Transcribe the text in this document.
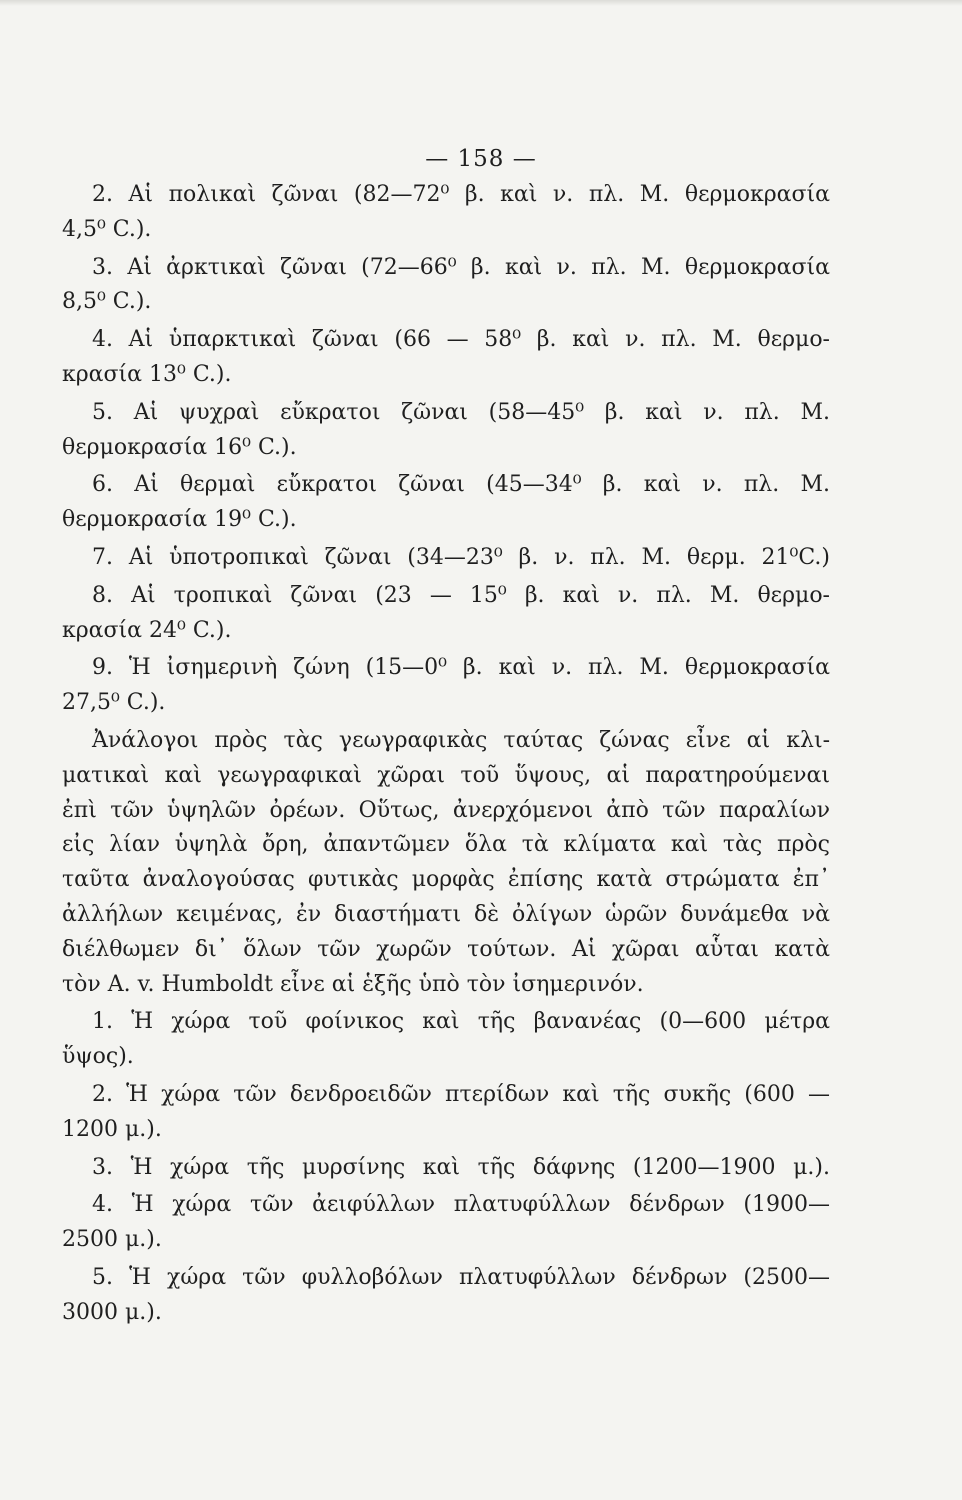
— 158 —
2. Αἱ πολικαὶ ζῶναι (82—72⁰ β. καὶ ν. πλ. Μ. θερμοκρασία
4,5⁰ C.).
3. Αἱ ἀρκτικαὶ ζῶναι (72—66⁰ β. καὶ ν. πλ. Μ. θερμοκρασία
8,5⁰ C.).
4. Αἱ ὑπαρκτικαὶ ζῶναι (66 — 58⁰ β. καὶ ν. πλ. Μ. θερμο-
κρασία 13⁰ C.).
5. Αἱ ψυχραὶ εὔκρατοι ζῶναι (58—45⁰ β. καὶ ν. πλ. Μ.
θερμοκρασία 16⁰ C.).
6. Αἱ θερμαὶ εὔκρατοι ζῶναι (45—34⁰ β. καὶ ν. πλ. Μ.
θερμοκρασία 19⁰ C.).
7. Αἱ ὑποτροπικαὶ ζῶναι (34—23⁰ β. ν. πλ. Μ. θερμ. 21⁰C.)
8. Αἱ τροπικαὶ ζῶναι (23 — 15⁰ β. καὶ ν. πλ. Μ. θερμο-
κρασία 24⁰ C.).
9. Ἡ ἰσημερινὴ ζώνη (15—0⁰ β. καὶ ν. πλ. Μ. θερμοκρασία
27,5⁰ C.).
Ἀνάλογοι πρὸς τὰς γεωγραφικὰς ταύτας ζώνας εἶνε αἱ κλι-
ματικαὶ καὶ γεωγραφικαὶ χῶραι τοῦ ὕψους, αἱ παρατηρούμεναι
ἐπὶ τῶν ὑψηλῶν ὀρέων. Οὕτως, ἀνερχόμενοι ἀπὸ τῶν παραλίων
εἰς λίαν ὑψηλὰ ὄρη, ἀπαντῶμεν ὅλα τὰ κλίματα καὶ τὰς πρὸς
ταῦτα ἀναλογούσας φυτικὰς μορφὰς ἐπίσης κατὰ στρώματα ἐπ᾽
ἀλλήλων κειμένας, ἐν διαστήματι δὲ ὀλίγων ὡρῶν δυνάμεθα νὰ
διέλθωμεν δι᾽ ὅλων τῶν χωρῶν τούτων. Αἱ χῶραι αὗται κατὰ
τὸν A. v. Humboldt εἶνε αἱ ἑξῆς ὑπὸ τὸν ἰσημερινόν.
1. Ἡ χώρα τοῦ φοίνικος καὶ τῆς βανανέας (0—600 μέτρα
ὕψος).
2. Ἡ χώρα τῶν δενδροειδῶν πτερίδων καὶ τῆς συκῆς (600 —
1200 μ.).
3. Ἡ χώρα τῆς μυρσίνης καὶ τῆς δάφνης (1200—1900 μ.).
4. Ἡ χώρα τῶν ἀειφύλλων πλατυφύλλων δένδρων (1900—
2500 μ.).
5. Ἡ χώρα τῶν φυλλοβόλων πλατυφύλλων δένδρων (2500—
3000 μ.).
